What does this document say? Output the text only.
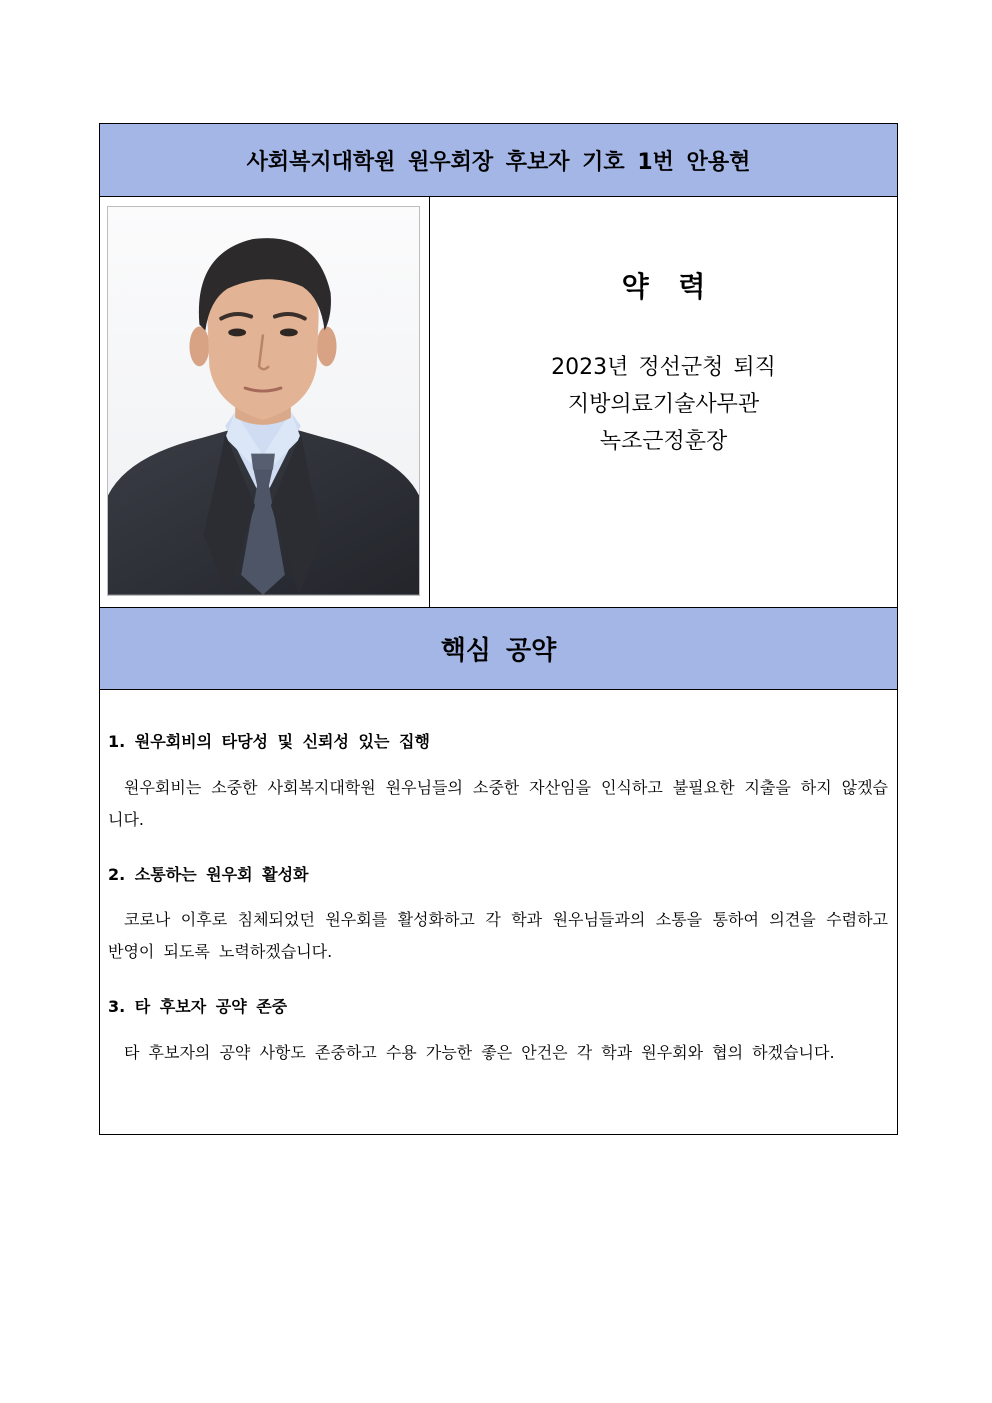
사회복지대학원 원우회장 후보자 기호 1번 안용현
약 력
2023년 정선군청 퇴직
지방의료기술사무관
녹조근정훈장
핵심 공약
1. 원우회비의 타당성 및 신뢰성 있는 집행
원우회비는 소중한 사회복지대학원 원우님들의 소중한 자산임을 인식하고 불필요한 지출을 하지 않겠습니다.
2. 소통하는 원우회 활성화
코로나 이후로 침체되었던 원우회를 활성화하고 각 학과 원우님들과의 소통을 통하여 의견을 수렴하고 반영이 되도록 노력하겠습니다.
3. 타 후보자 공약 존중
타 후보자의 공약 사항도 존중하고 수용 가능한 좋은 안건은 각 학과 원우회와 협의 하겠습니다.
